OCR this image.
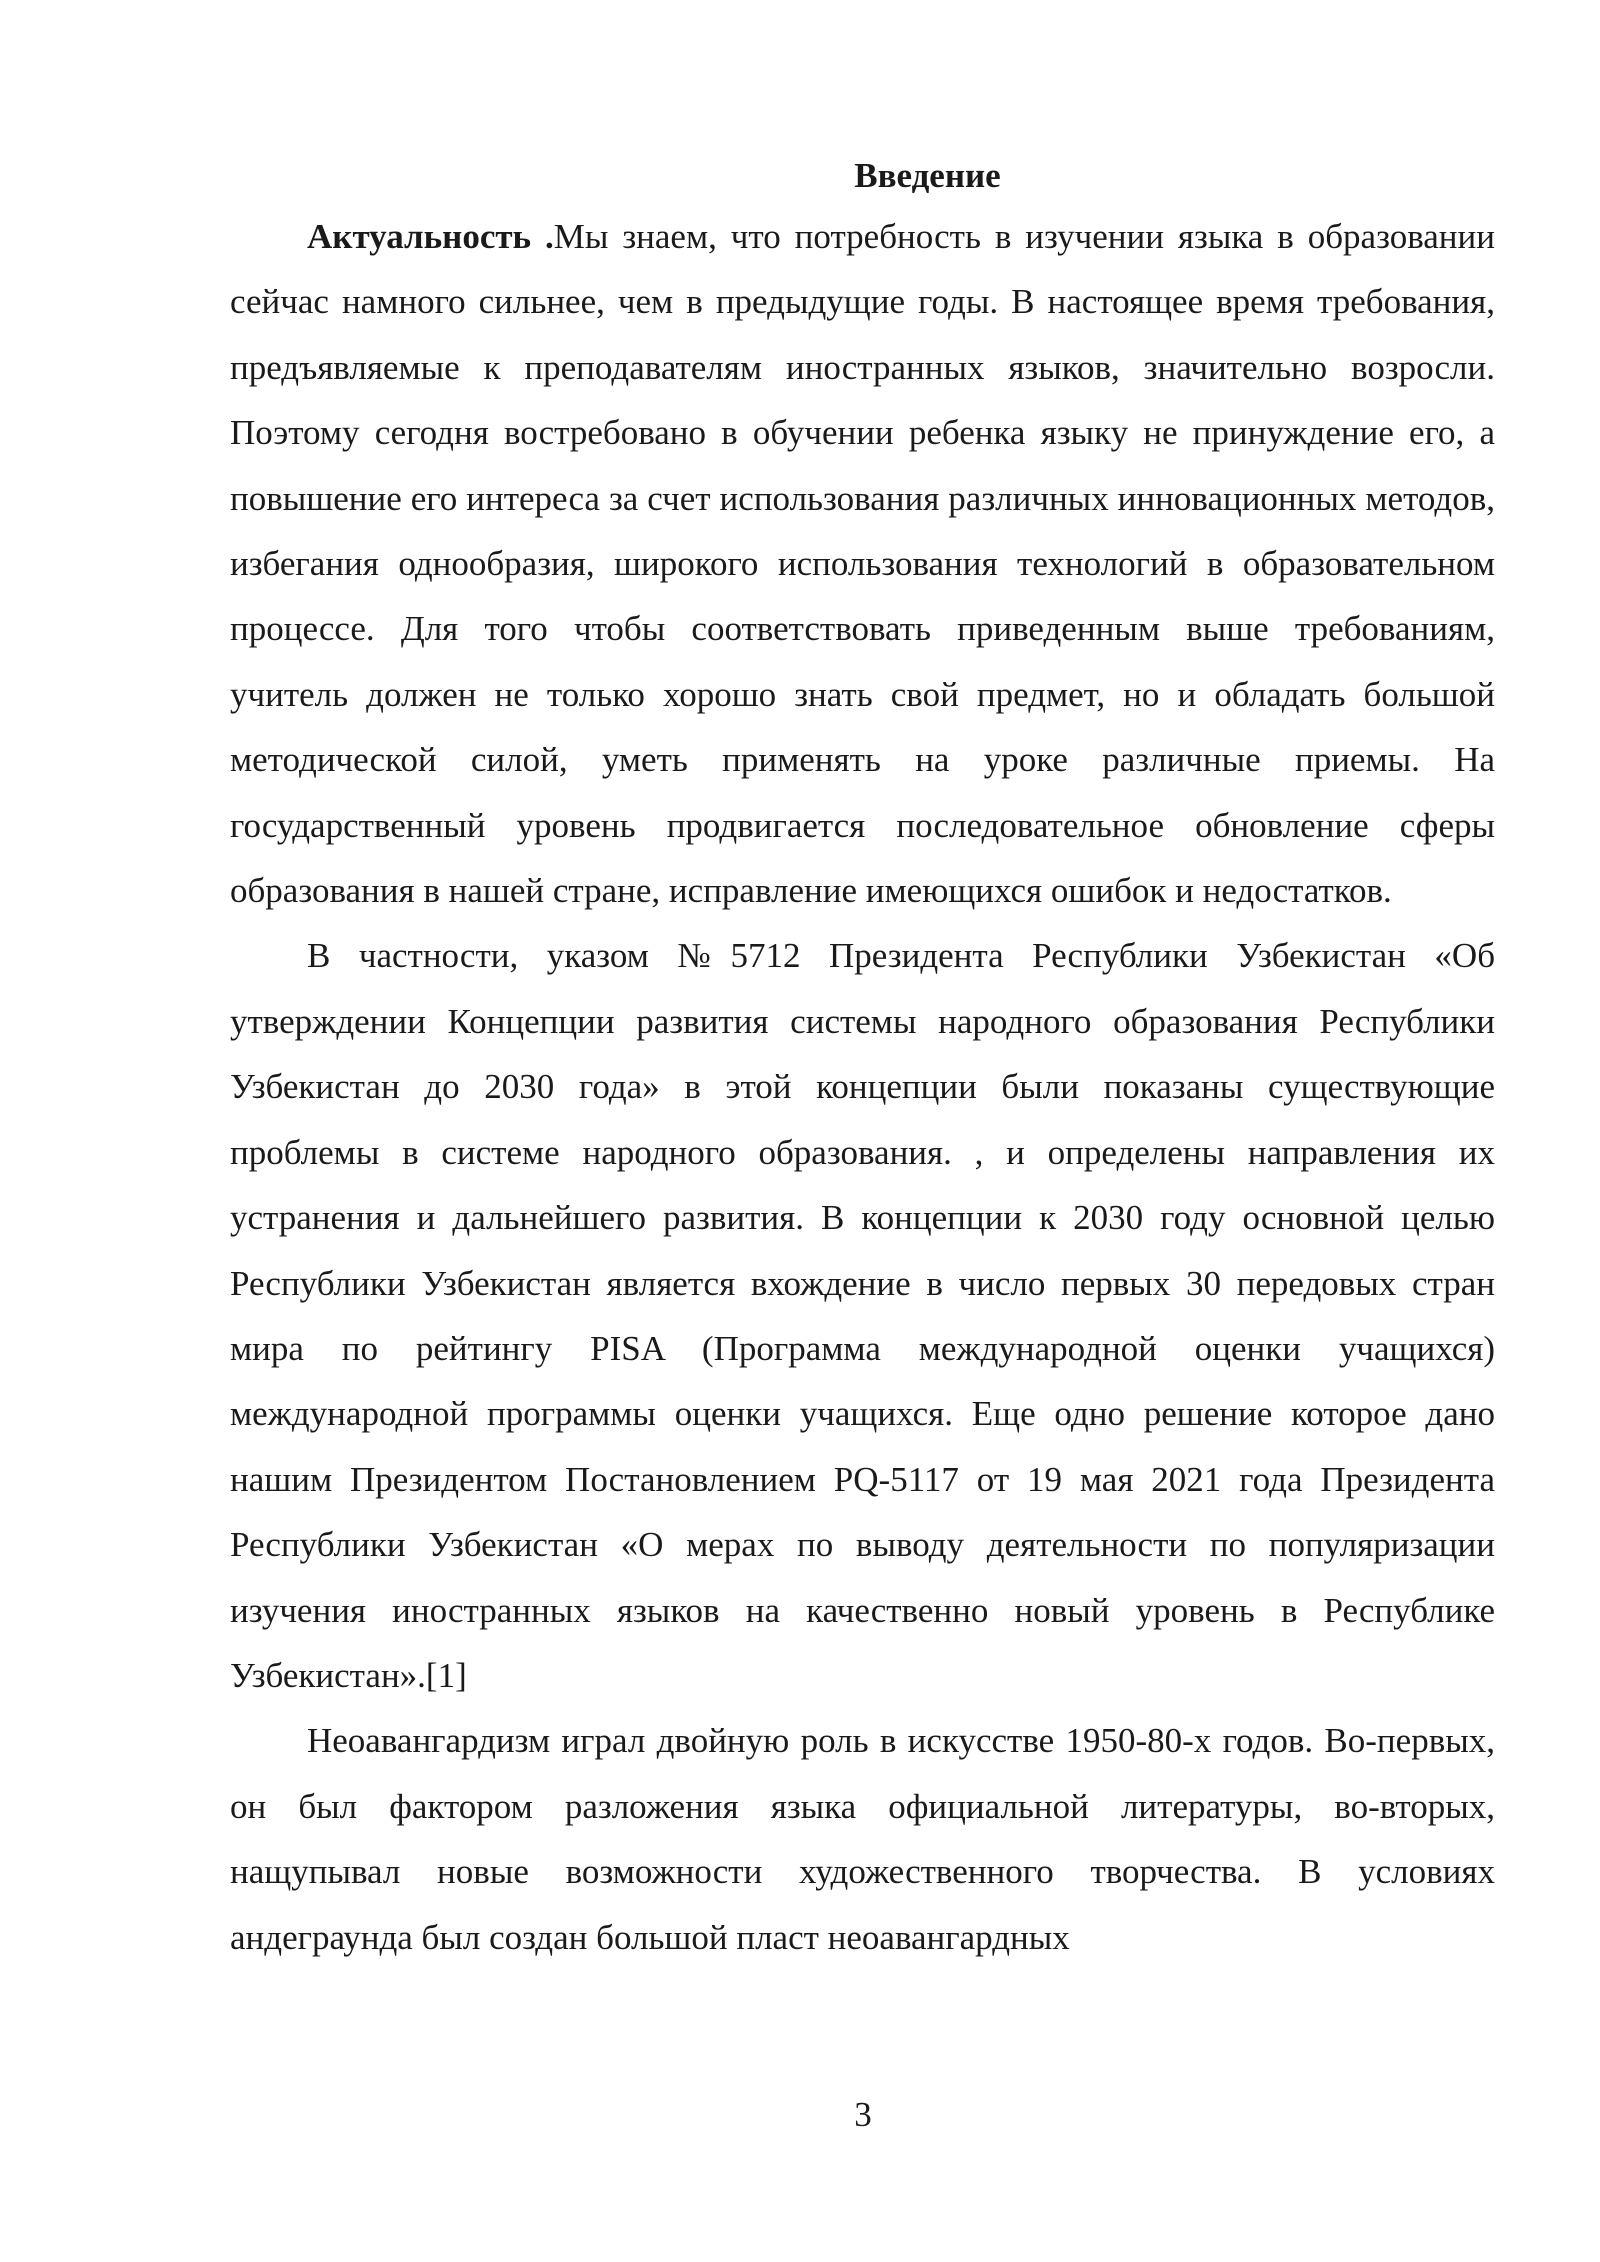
Введение

Актуальность .Мы знаем, что потребность в изучении языка в образовании сейчас намного сильнее, чем в предыдущие годы. В настоящее время требования, предъявляемые к преподавателям иностранных языков, значительно возросли. Поэтому сегодня востребовано в обучении ребенка языку не принуждение его, а повышение его интереса за счет использования различных инновационных методов, избегания однообразия, широкого использования технологий в образовательном процессе. Для того чтобы соответствовать приведенным выше требованиям, учитель должен не только хорошо знать свой предмет, но и обладать большой методической силой, уметь применять на уроке различные приемы. На государственный уровень продвигается последовательное обновление сферы образования в нашей стране, исправление имеющихся ошибок и недостатков.

В частности, указом №5712 Президента Республики Узбекистан «Об утверждении Концепции развития системы народного образования Республики Узбекистан до 2030 года» в этой концепции были показаны существующие проблемы в системе народного образования. , и определены направления их устранения и дальнейшего развития. В концепции к 2030 году основной целью Республики Узбекистан является вхождение в число первых 30 передовых стран мира по рейтингу PISA (Программа международной оценки учащихся) международной программы оценки учащихся. Еще одно решение которое дано нашим Президентом Постановлением PQ-5117 от 19 мая 2021 года Президента Республики Узбекистан «О мерах по выводу деятельности по популяризации изучения иностранных языков на качественно новый уровень в Республике Узбекистан».[1]

Неоавангардизм играл двойную роль в искусстве 1950-80-х годов. Во-первых, он был фактором разложения языка официальной литературы, во-вторых, нащупывал новые возможности художественного творчества. В условиях андеграунда был создан большой пласт неоавангардных

3
